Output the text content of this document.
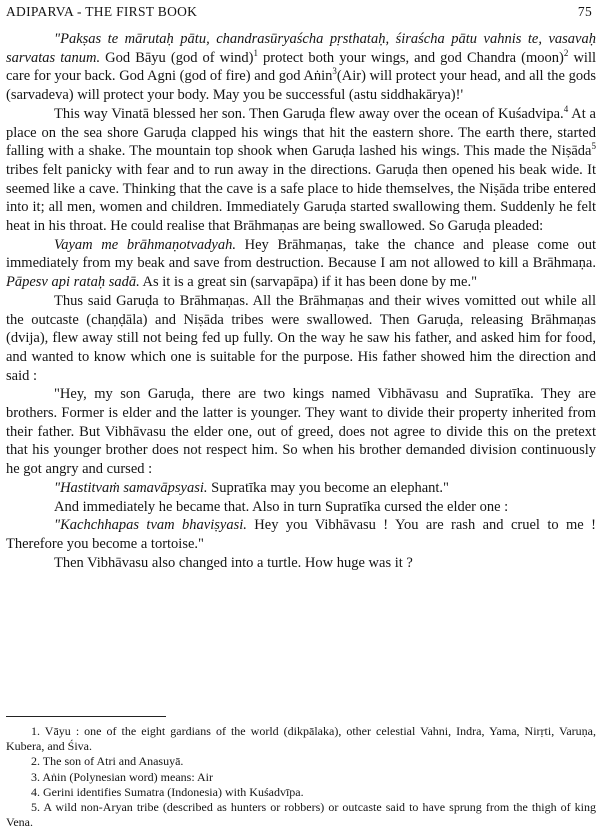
ADIPARVA - THE FIRST BOOK	75

"Pakṣas te mārutaḥ pātu, chandrasūryaścha pṛsthataḥ, śiraścha pātu vahnis te, vasavaḥ sarvatas tanum. God Bāyu (god of wind)$^1$ protect both your wings, and god Chandra (moon)$^2$ will care for your back. God Agni (god of fire) and god Aṅin$^3$(Air) will protect your head, and all the gods (sarvadeva) will protect your body. May you be successful (astu siddhakārya)!'

This way Vinatā blessed her son. Then Garuḍa flew away over the ocean of Kuśadvipa.$^4$ At a place on the sea shore Garuḍa clapped his wings that hit the eastern shore. The earth there, started falling with a shake. The mountain top shook when Garuḍa lashed his wings. This made the Niṣāda$^5$ tribes felt panicky with fear and to run away in the directions. Garuḍa then opened his beak wide. It seemed like a cave. Thinking that the cave is a safe place to hide themselves, the Niṣāda tribe entered into it; all men, women and children. Immediately Garuḍa started swallowing them. Suddenly he felt heat in his throat. He could realise that Brāhmaṇas are being swallowed. So Garuḍa pleaded:

Vayam me brāhmaṇotvadyah. Hey Brāhmaṇas, take the chance and please come out immediately from my beak and save from destruction. Because I am not allowed to kill a Brāhmaṇa. Pāpesv api rataḥ sadā. As it is a great sin (sarvapāpa) if it has been done by me."

Thus said Garuḍa to Brāhmaṇas. All the Brāhmaṇas and their wives vomitted out while all the outcaste (chaṇḍāla) and Niṣāda tribes were swallowed. Then Garuḍa, releasing Brāhmaṇas (dvija), flew away still not being fed up fully. On the way he saw his father, and asked him for food, and wanted to know which one is suitable for the purpose. His father showed him the direction and said :

"Hey, my son Garuḍa, there are two kings named Vibhāvasu and Supratīka. They are brothers. Former is elder and the latter is younger. They want to divide their property inherited from their father. But Vibhāvasu the elder one, out of greed, does not agree to divide this on the pretext that his younger brother does not respect him. So when his brother demanded division continuously he got angry and cursed :

"Hastitvaṁ samavāpsyasi. Supratīka may you become an elephant."

And immediately he became that. Also in turn Supratīka cursed the elder one :

"Kachchhapas tvam bhaviṣyasi. Hey you Vibhāvasu ! You are rash and cruel to me ! Therefore you become a tortoise."

Then Vibhāvasu also changed into a turtle. How huge was it ?

1. Vāyu : one of the eight gardians of the world (dikpālaka), other celestial Vahni, Indra, Yama, Nirṛti, Varuṇa, Kubera, and Śiva.

2. The son of Atri and Anasuyā.

3. Aṅin (Polynesian word) means: Air

4. Gerini identifies Sumatra (Indonesia) with Kuśadvīpa.

5. A wild non-Aryan tribe (described as hunters or robbers) or outcaste said to have sprung from the thigh of king Vena.
